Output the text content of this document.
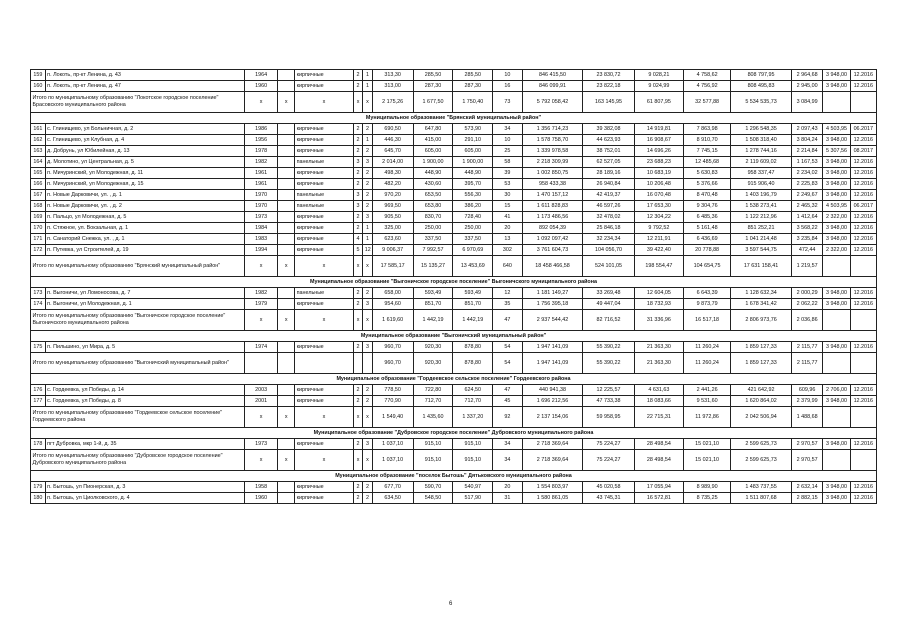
159	п. Локоть, пр-кт Ленина, д. 43	1964		кирпичные	2	1	313,30	285,50	285,50	10	846 415,50	23 830,72	9 028,21	4 758,62	808 797,95	2 964,68	3 948,00	12.2016
160	п. Локоть, пр-кт Ленина, д. 47	1960		кирпичные	2	1	313,00	287,30	287,30	16	846 099,91	23 822,18	9 024,99	4 756,92	808 495,83	2 945,00	3 948,00	12.2016
Итого по муниципальному образованию "Локотское городское поселение" Брасовского муниципального района		x	x	x	x	x	2 175,26	1 677,50	1 750,40	73	5 792 058,42	163 145,95	61 807,95	32 577,88	5 534 535,73	3 084,99		
Муниципальное образование "Брянский муниципальный район"																		
161	с. Глинищево, ул Больничная, д. 2	1986		кирпичные	2	2	690,50	647,80	573,90	34	1 356 714,23	39 382,08	14 919,81	7 863,98	1 296 548,35	2 097,43	4 503,95	06.2017
162	с. Глинищево, ул Клубная, д. 4	1956		кирпичные	2	1	446,30	415,00	291,10	10	1 578 758,70	44 623,93	16 908,67	8 910,70	1 508 318,40	3 804,24	3 948,00	12.2016
163	д. Добрунь, ул Юбилейная, д. 13	1978		кирпичные	2	2	645,70	605,00	605,00	25	1 339 978,58	38 752,01	14 696,26	7 745,15	1 278 744,16	2 214,84	5 307,56	08.2017
164	д. Молотино, ул Центральная, д. 5	1982		панельные	3	3	2 014,00	1 900,00	1 900,00	58	2 218 309,99	62 527,05	23 688,23	12 485,68	2 119 609,02	1 167,53	3 948,00	12.2016
165	п. Мичуринский, ул Молодежная, д. 11	1961		кирпичные	2	2	498,30	448,90	448,90	39	1 002 850,75	28 189,16	10 683,19	5 630,83	958 337,47	2 234,02	3 948,00	12.2016
166	п. Мичуринский, ул Молодежная, д. 15	1961		кирпичные	2	2	482,20	430,60	395,70	53	958 433,38	26 940,84	10 206,48	5 376,66	915 906,40	2 225,83	3 948,00	12.2016
167	п. Новые Дарковичи, ул. , д. 1	1970		панельные	3	2	970,20	653,50	556,30	30	1 470 157,12	42 419,37	16 070,48	8 470,48	1 403 196,79	2 249,67	3 948,00	12.2016
168	п. Новые Дарковичи, ул. , д. 2	1970		панельные	3	2	969,50	653,80	386,20	15	1 611 828,83	46 597,26	17 653,30	9 304,76	1 538 273,41	2 465,32	4 503,95	06.2017
169	п. Пальцо, ул Молодежная, д. 5	1973		кирпичные	2	3	905,50	830,70	728,40	41	1 173 486,56	32 478,02	12 304,22	6 485,36	1 122 212,96	1 412,64	2 322,00	12.2016
170	п. Стяжное, ул. Вокзальная, д. 1	1984		кирпичные	2	1	325,00	250,00	250,00	20	892 054,39	25 846,18	9 792,52	5 161,48	851 252,21	3 568,22	3 948,00	12.2016
171	п. Санаторий Снежка, ул. , д. 1	1983		кирпичные	4	1	623,60	337,50	337,50	13	1 092 097,42	32 234,34	12 211,91	6 436,69	1 041 214,48	3 235,84	3 948,00	12.2016
172	п. Путевка, ул Строителей, д. 19	1994		кирпичные	5	12	9 006,37	7 992,57	6 970,69	302	3 761 604,73	104 056,70	39 422,40	20 778,88	3 597 544,75	472,44	2 322,00	12.2016
Итого по муниципальному образованию "Брянский муниципальный район"		x	x	x	x	x	17 585,17	15 135,27	13 453,69	640	18 458 466,58	524 101,05	198 554,47	104 654,75	17 631 158,41	1 219,57		
Муниципальное образование "Выгоничское городское поселение" Выгоничского муниципального района																		
173	п. Выгоничи, ул Ломоносова, д. 7	1982		панельные	2	2	658,00	593,49	593,49	12	1 181 149,27	33 269,48	12 604,05	6 643,39	1 128 632,34	2 000,29	3 948,00	12.2016
174	п. Выгоничи, ул Молодежная, д. 1	1979		кирпичные	2	3	954,60	851,70	851,70	35	1 756 395,18	49 447,04	18 732,93	9 873,79	1 678 341,42	2 062,22	3 948,00	12.2016
Итого по муниципальному образованию "Выгоничское городское поселение" Выгоничского муниципального района		x	x	x	x	x	1 619,60	1 442,19	1 442,19	47	2 937 544,42	82 716,52	31 336,96	16 517,18	2 806 973,76	2 036,86		
Муниципальное образование "Выгоничский муниципальный район"																		
175	п. Пильшино, ул Мира, д. 5	1974		кирпичные	2	3	960,70	920,30	878,80	54	1 947 141,09	55 390,22	21 363,30	11 260,24	1 859 127,33	2 115,77	3 948,00	12.2016
Итого по муниципальному образованию "Выгоничский муниципальный район"							960,70	920,30	878,80	54	1 947 141,09	55 390,22	21 363,30	11 260,24	1 859 127,33	2 115,77		
Муниципальное образование "Гордеевское сельское поселение" Гордеевского района																		
176	с. Гордеевка, ул Победы, д. 14	2003		кирпичные	2	2	778,50	722,80	624,50	47	440 941,38	12 225,57	4 631,63	2 441,26	421 642,92	609,96	2 706,00	12.2016
177	с. Гордеевка, ул Победы, д. 8	2001		кирпичные	2	2	770,90	712,70	712,70	45	1 696 212,56	47 733,38	18 083,66	9 531,60	1 620 864,02	2 379,99	3 948,00	12.2016
Итого по муниципальному образованию "Гордеевское сельское поселение" Гордеевского района		x	x	x	x	x	1 549,40	1 435,60	1 337,20	92	2 137 154,06	59 958,95	22 715,31	11 972,86	2 042 506,94	1 488,68		
Муниципальное образование "Дубровское городское поселение" Дубровского муниципального района																		
178	пгт Дубровка, мкр 1-й, д. 35	1973		кирпичные	2	3	1 037,10	915,10	915,10	34	2 718 369,64	75 224,27	28 498,54	15 021,10	2 599 625,73	2 970,57	3 948,00	12.2016
Итого по муниципальному образованию "Дубровское городское поселение" Дубровского муниципального района		x	x	x	x	x	1 037,10	915,10	915,10	34	2 718 369,64	75 224,27	28 498,54	15 021,10	2 599 625,73	2 970,57		
Муниципальное образование "поселок Бытошь" Дятьковского муниципального района																		
179	п. Бытошь, ул Пионерская, д. 3	1958		кирпичные	2	2	677,70	590,70	540,97	20	1 554 803,97	45 020,58	17 055,94	8 989,90	1 483 737,55	2 632,14	3 948,00	12.2016
180	п. Бытошь, ул Циолковского, д. 4	1960		кирпичные	2	2	634,50	548,50	517,90	31	1 580 861,05	43 745,31	16 572,81	8 735,25	1 511 807,68	2 882,15	3 948,00	12.2016
6
